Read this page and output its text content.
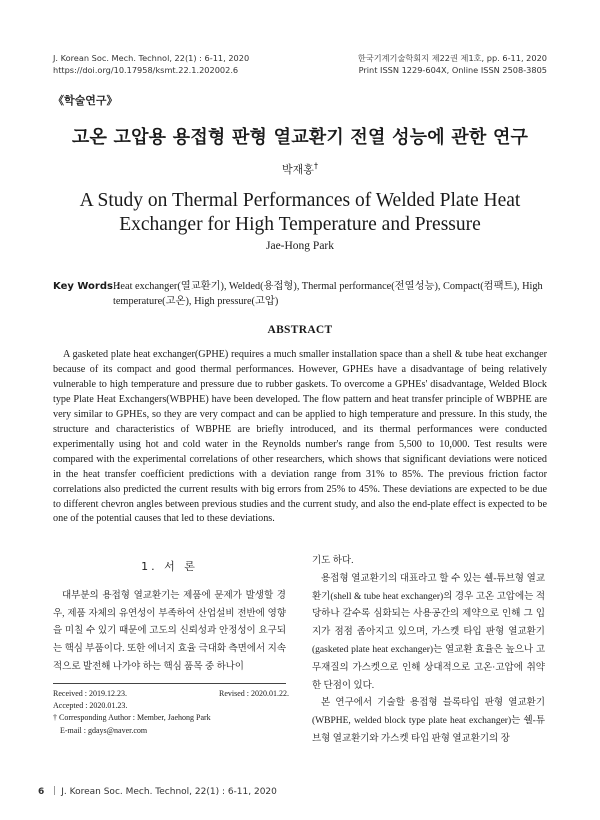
J. Korean Soc. Mech. Technol, 22(1) : 6-11, 2020
https://doi.org/10.17958/ksmt.22.1.202002.6
한국기계기술학회지 제22권 제1호, pp. 6-11, 2020
Print ISSN 1229-604X, Online ISSN 2508-3805
《학술연구》
고온 고압용 용접형 판형 열교환기 전열 성능에 관한 연구
박재홍†
A Study on Thermal Performances of Welded Plate Heat Exchanger for High Temperature and Pressure
Jae-Hong Park
Key Words :
Heat exchanger(열교환기), Welded(용접형), Thermal performance(전열성능), Compact(컴팩트), High temperature(고온), High pressure(고압)
ABSTRACT

A gasketed plate heat exchanger(GPHE) requires a much smaller installation space than a shell & tube heat exchanger because of its compact and good thermal performances. However, GPHEs have a disadvantage of being relatively vulnerable to high temperature and pressure due to rubber gaskets. To overcome a GPHEs' disadvantage, Welded Block type Plate Heat Exchangers(WBPHE) have been developed. The flow pattern and heat transfer principle of WBPHE are very similar to GPHEs, so they are very compact and can be applied to high temperature and pressure. In this study, the structure and characteristics of WBPHE are briefly introduced, and its thermal performances were conducted experimentally using hot and cold water in the Reynolds number's range from 5,500 to 10,000. Test results were compared with the experimental correlations of other researchers, which shows that significant deviations were noticed in the heat transfer coefficient predictions with a deviation range from 31% to 85%. The previous friction factor correlations also predicted the current results with big errors from 25% to 45%. These deviations are expected to be due to different chevron angles between previous studies and the current study, and also the end-plate effect is expected to be one of the potential causes that led to these deviations.

1. 서 론

대부분의 용접형 열교환기는 제품에 문제가 발생할 경우, 제품 자체의 유연성이 부족하여 산업설비 전반에 영향을 미칠 수 있기 때문에 고도의 신뢰성과 안정성이 요구되는 핵심 부품이다. 또한 에너지 효율 극대화 측면에서 지속적으로 발전해 나가야 하는 핵심 품목 중 하나이

Received : 2019.12.23.	Revised : 2020.01.22.
Accepted : 2020.01.23.
† Corresponding Author : Member, Jaehong Park
E-mail : gdays@naver.com
기도 하다.

용접형 열교환기의 대표라고 할 수 있는 쉘-튜브형 열교환기(shell & tube heat exchanger)의 경우 고온 고압에는 적당하나 갈수록 심화되는 사용공간의 제약으로 인해 그 입지가 점점 좁아지고 있으며, 가스켓 타입 판형 열교환기(gasketed plate heat exchanger)는 열교환 효율은 높으나 고무재질의 가스켓으로 인해 상대적으로 고온·고압에 취약한 단점이 있다.

본 연구에서 기술할 용접형 블록타입 판형 열교환기(WBPHE, welded block type plate heat exchanger)는 쉘-튜브형 열교환기와 가스켓 타입 판형 열교환기의 장

6 J. Korean Soc. Mech. Technol, 22(1) : 6-11, 2020
